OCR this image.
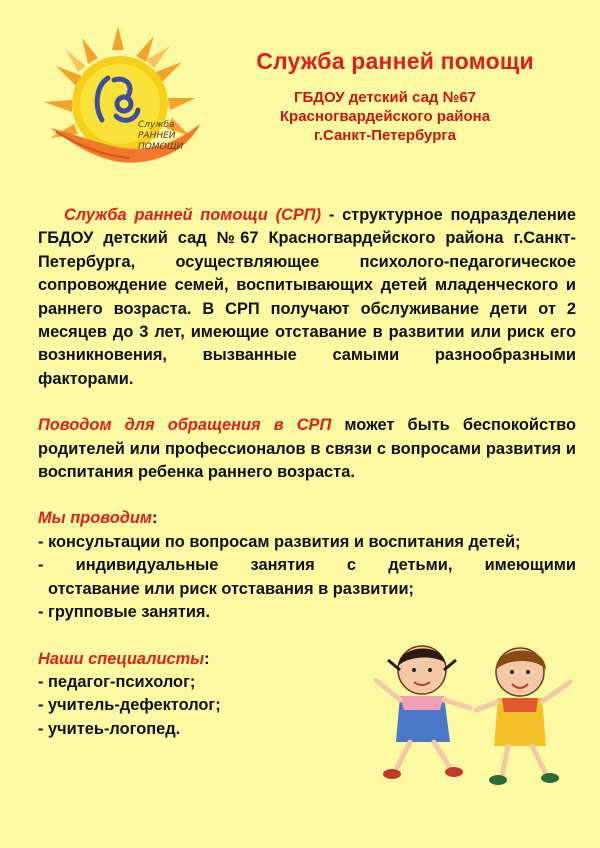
Служба
РАННЕЙ
ПОМОЩИ
Служба ранней помощи
ГБДОУ детский сад №67
Красногвардейского района
г.Санкт-Петербурга

Служба ранней помощи (СРП) - структурное подразделение ГБДОУ детский сад №67 Красногвардейского района г.Санкт-Петербурга, осуществляющее психолого-педагогическое сопровождение семей, воспитывающих детей младенческого и раннего возраста. В СРП получают обслуживание дети от 2 месяцев до 3 лет, имеющие отставание в развитии или риск его возникновения, вызванные самыми разнообразными факторами.

Поводом для обращения в СРП может быть беспокойство родителей или профессионалов в связи с вопросами развития и воспитания ребенка раннего возраста.

Мы проводим:

- консультации по вопросам развития и воспитания детей;
- индивидуальные занятия с детьми, имеющими
отставание или риск отставания в развитии;
- групповые занятия.

Наши специалисты:

- педагог-психолог;
- учитель-дефектолог;
- учитеь-логопед.
